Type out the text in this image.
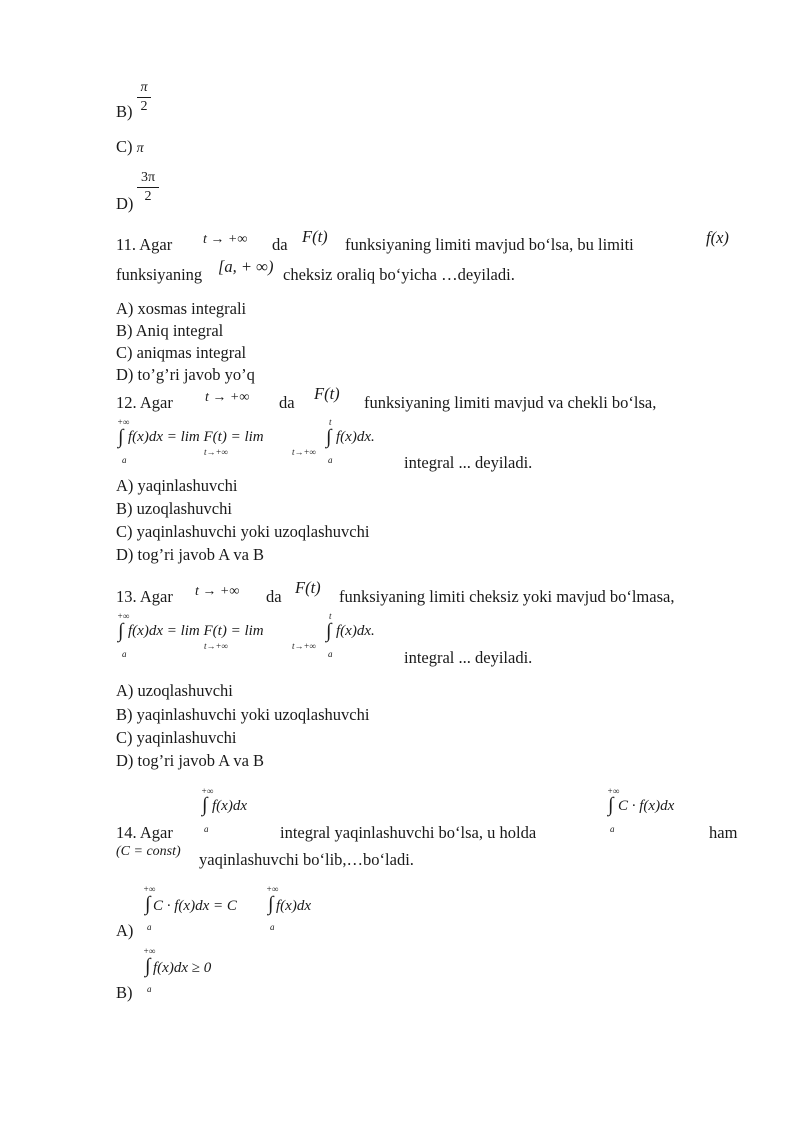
π
2
B)
C) π
3π
2
D)
11. Agar t → +∞ da F(t) funksiyaning limiti mavjud bo‘lsa, bu limiti	f(x)
funksiyaning [a, + ∞) cheksiz oraliq bo‘yicha …deyiladi.
A) xosmas integrali
B) Aniq integral
C) aniqmas integral
D) to’g’ri javob yo’q
12. Agar t → +∞ da F(t) funksiyaning limiti mavjud va chekli bo‘lsa,
+∞
∫
a
f(x)dx = lim F(t) = lim
t→+∞	t→+∞
t
∫
a
f(x)dx.
integral ... deyiladi.
A) yaqinlashuvchi
B) uzoqlashuvchi
C) yaqinlashuvchi yoki uzoqlashuvchi
D) tog’ri javob A va B
13. Agar t → +∞ da F(t) funksiyaning limiti cheksiz yoki mavjud bo‘lmasa,
+∞
∫
a
f(x)dx = lim F(t) = lim
t→+∞	t→+∞
t
∫
a
f(x)dx.
integral ... deyiladi.
A) uzoqlashuvchi
B) yaqinlashuvchi yoki uzoqlashuvchi
C) yaqinlashuvchi
D) tog’ri javob A va B
+∞
∫
a
f(x)dx
+∞
∫
a
C · f(x)dx
14. Agar	integral yaqinlashuvchi bo‘lsa, u holda	ham
(C = const) yaqinlashuvchi bo‘lib,…bo‘ladi.
+∞
∫
a
C · f(x)dx = C
+∞
∫
a
f(x)dx
A)
+∞
∫
a
f(x)dx ≥ 0
B)
